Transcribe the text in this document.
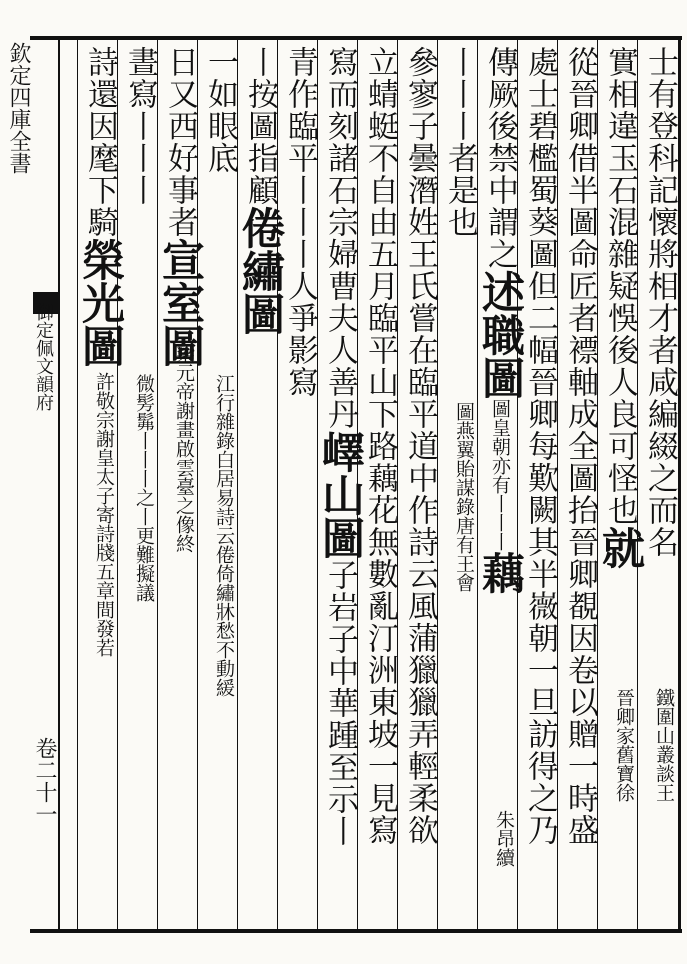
欽定四庫全書
御定佩文韻府
卷二十一
士有登科記懷將相才者咸編綴之而名
實相違玉石混雜疑悞後人良可怪也就
從晉卿借半圖命匠者褾軸成全圖抬晉卿覩因卷以贈一時盛
處士碧檻蜀葵圖但二幅晉卿每歎闕其半嶶朝一旦訪得之乃
傳厥後禁中謂之述職圖圖皇朝亦有丨丨丨藕
丨丨丨者是也
參寥子曇潛姓王氏嘗在臨平道中作詩云風蒲獵獵弄輕柔欲
立蜻蜓不自由五月臨平山下路藕花無數亂汀洲東坡一見寫
寫而刻諸石宗婦曹夫人善丹嶧山圖子岩子中華踵至示丨
青作臨平丨丨丨人爭影寫
丨按圖指顧倦繡圖
一如眼底
日又西好事者宣室圖
晝寫丨丨丨
詩還因麾下騎榮光圖
鐵圍山叢談王
晉卿家舊寶徐
朱昂續
圖燕翼貽謀錄唐有王會
江行雜錄白居易詩云倦倚繡牀愁不動緩
梁元帝謝畫啟雲臺之像終
微髣髴丨丨丨之丨更難擬議
許敬宗謝皇太子寄詩牋五章間發若
